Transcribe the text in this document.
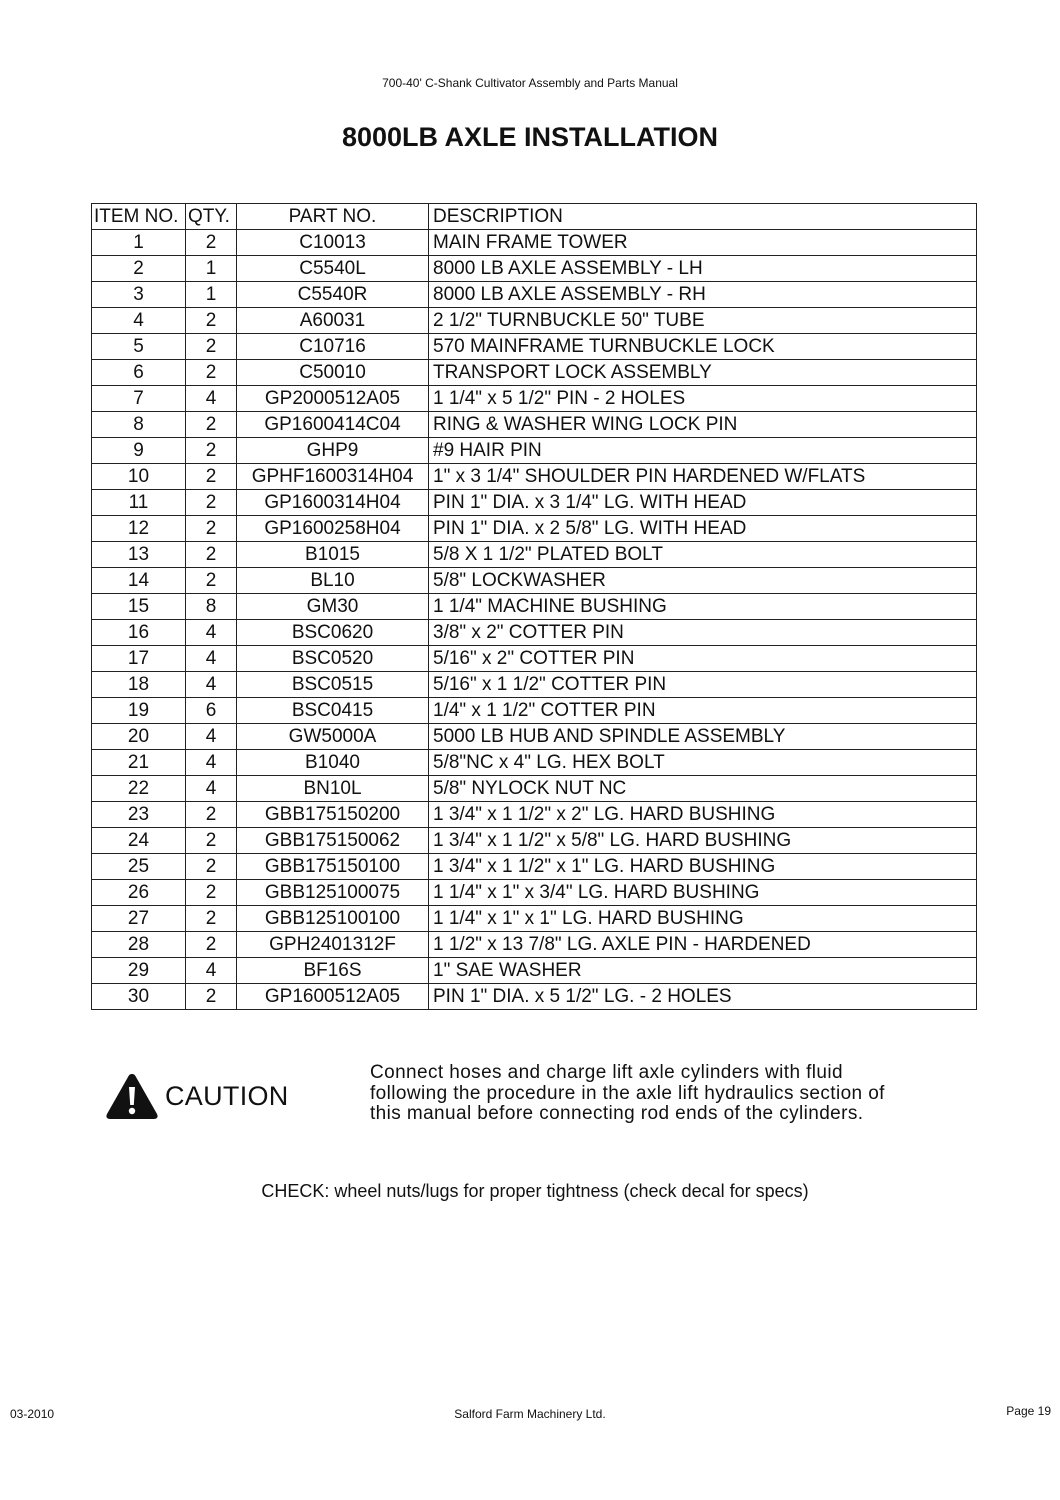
700-40' C-Shank Cultivator Assembly and Parts Manual
8000LB AXLE INSTALLATION
ITEM NO.	QTY.	PART NO.	DESCRIPTION
1	2	C10013	MAIN FRAME TOWER
2	1	C5540L	8000 LB AXLE ASSEMBLY - LH
3	1	C5540R	8000 LB AXLE ASSEMBLY - RH
4	2	A60031	2 1/2" TURNBUCKLE 50" TUBE
5	2	C10716	570 MAINFRAME TURNBUCKLE LOCK
6	2	C50010	TRANSPORT LOCK ASSEMBLY
7	4	GP2000512A05	1 1/4" x 5 1/2" PIN - 2 HOLES
8	2	GP1600414C04	RING & WASHER WING LOCK PIN
9	2	GHP9	#9 HAIR PIN
10	2	GPHF1600314H04	1" x 3 1/4" SHOULDER PIN HARDENED W/FLATS
11	2	GP1600314H04	PIN 1" DIA. x 3 1/4" LG. WITH HEAD
12	2	GP1600258H04	PIN 1" DIA. x 2 5/8" LG. WITH HEAD
13	2	B1015	5/8 X 1 1/2" PLATED BOLT
14	2	BL10	5/8" LOCKWASHER
15	8	GM30	1 1/4" MACHINE BUSHING
16	4	BSC0620	3/8" x 2" COTTER PIN
17	4	BSC0520	5/16" x 2" COTTER PIN
18	4	BSC0515	5/16" x 1 1/2" COTTER PIN
19	6	BSC0415	1/4" x 1 1/2" COTTER PIN
20	4	GW5000A	5000 LB HUB AND SPINDLE ASSEMBLY
21	4	B1040	5/8"NC x 4" LG. HEX BOLT
22	4	BN10L	5/8" NYLOCK NUT NC
23	2	GBB175150200	1 3/4" x 1 1/2" x 2" LG. HARD BUSHING
24	2	GBB175150062	1 3/4" x 1 1/2" x 5/8" LG. HARD BUSHING
25	2	GBB175150100	1 3/4" x 1 1/2" x 1" LG. HARD BUSHING
26	2	GBB125100075	1 1/4" x 1" x 3/4" LG. HARD BUSHING
27	2	GBB125100100	1 1/4" x 1" x 1" LG. HARD BUSHING
28	2	GPH2401312F	1 1/2" x 13 7/8" LG. AXLE PIN - HARDENED
29	4	BF16S	1" SAE WASHER
30	2	GP1600512A05	PIN 1" DIA. x 5 1/2" LG. - 2 HOLES
CAUTION
Connect hoses and charge lift axle cylinders with fluid
following the procedure in the axle lift hydraulics section of
this manual before connecting rod ends of the cylinders.
CHECK: wheel nuts/lugs for proper tightness (check decal for specs)
03-2010	Salford Farm Machinery Ltd.	Page 19
